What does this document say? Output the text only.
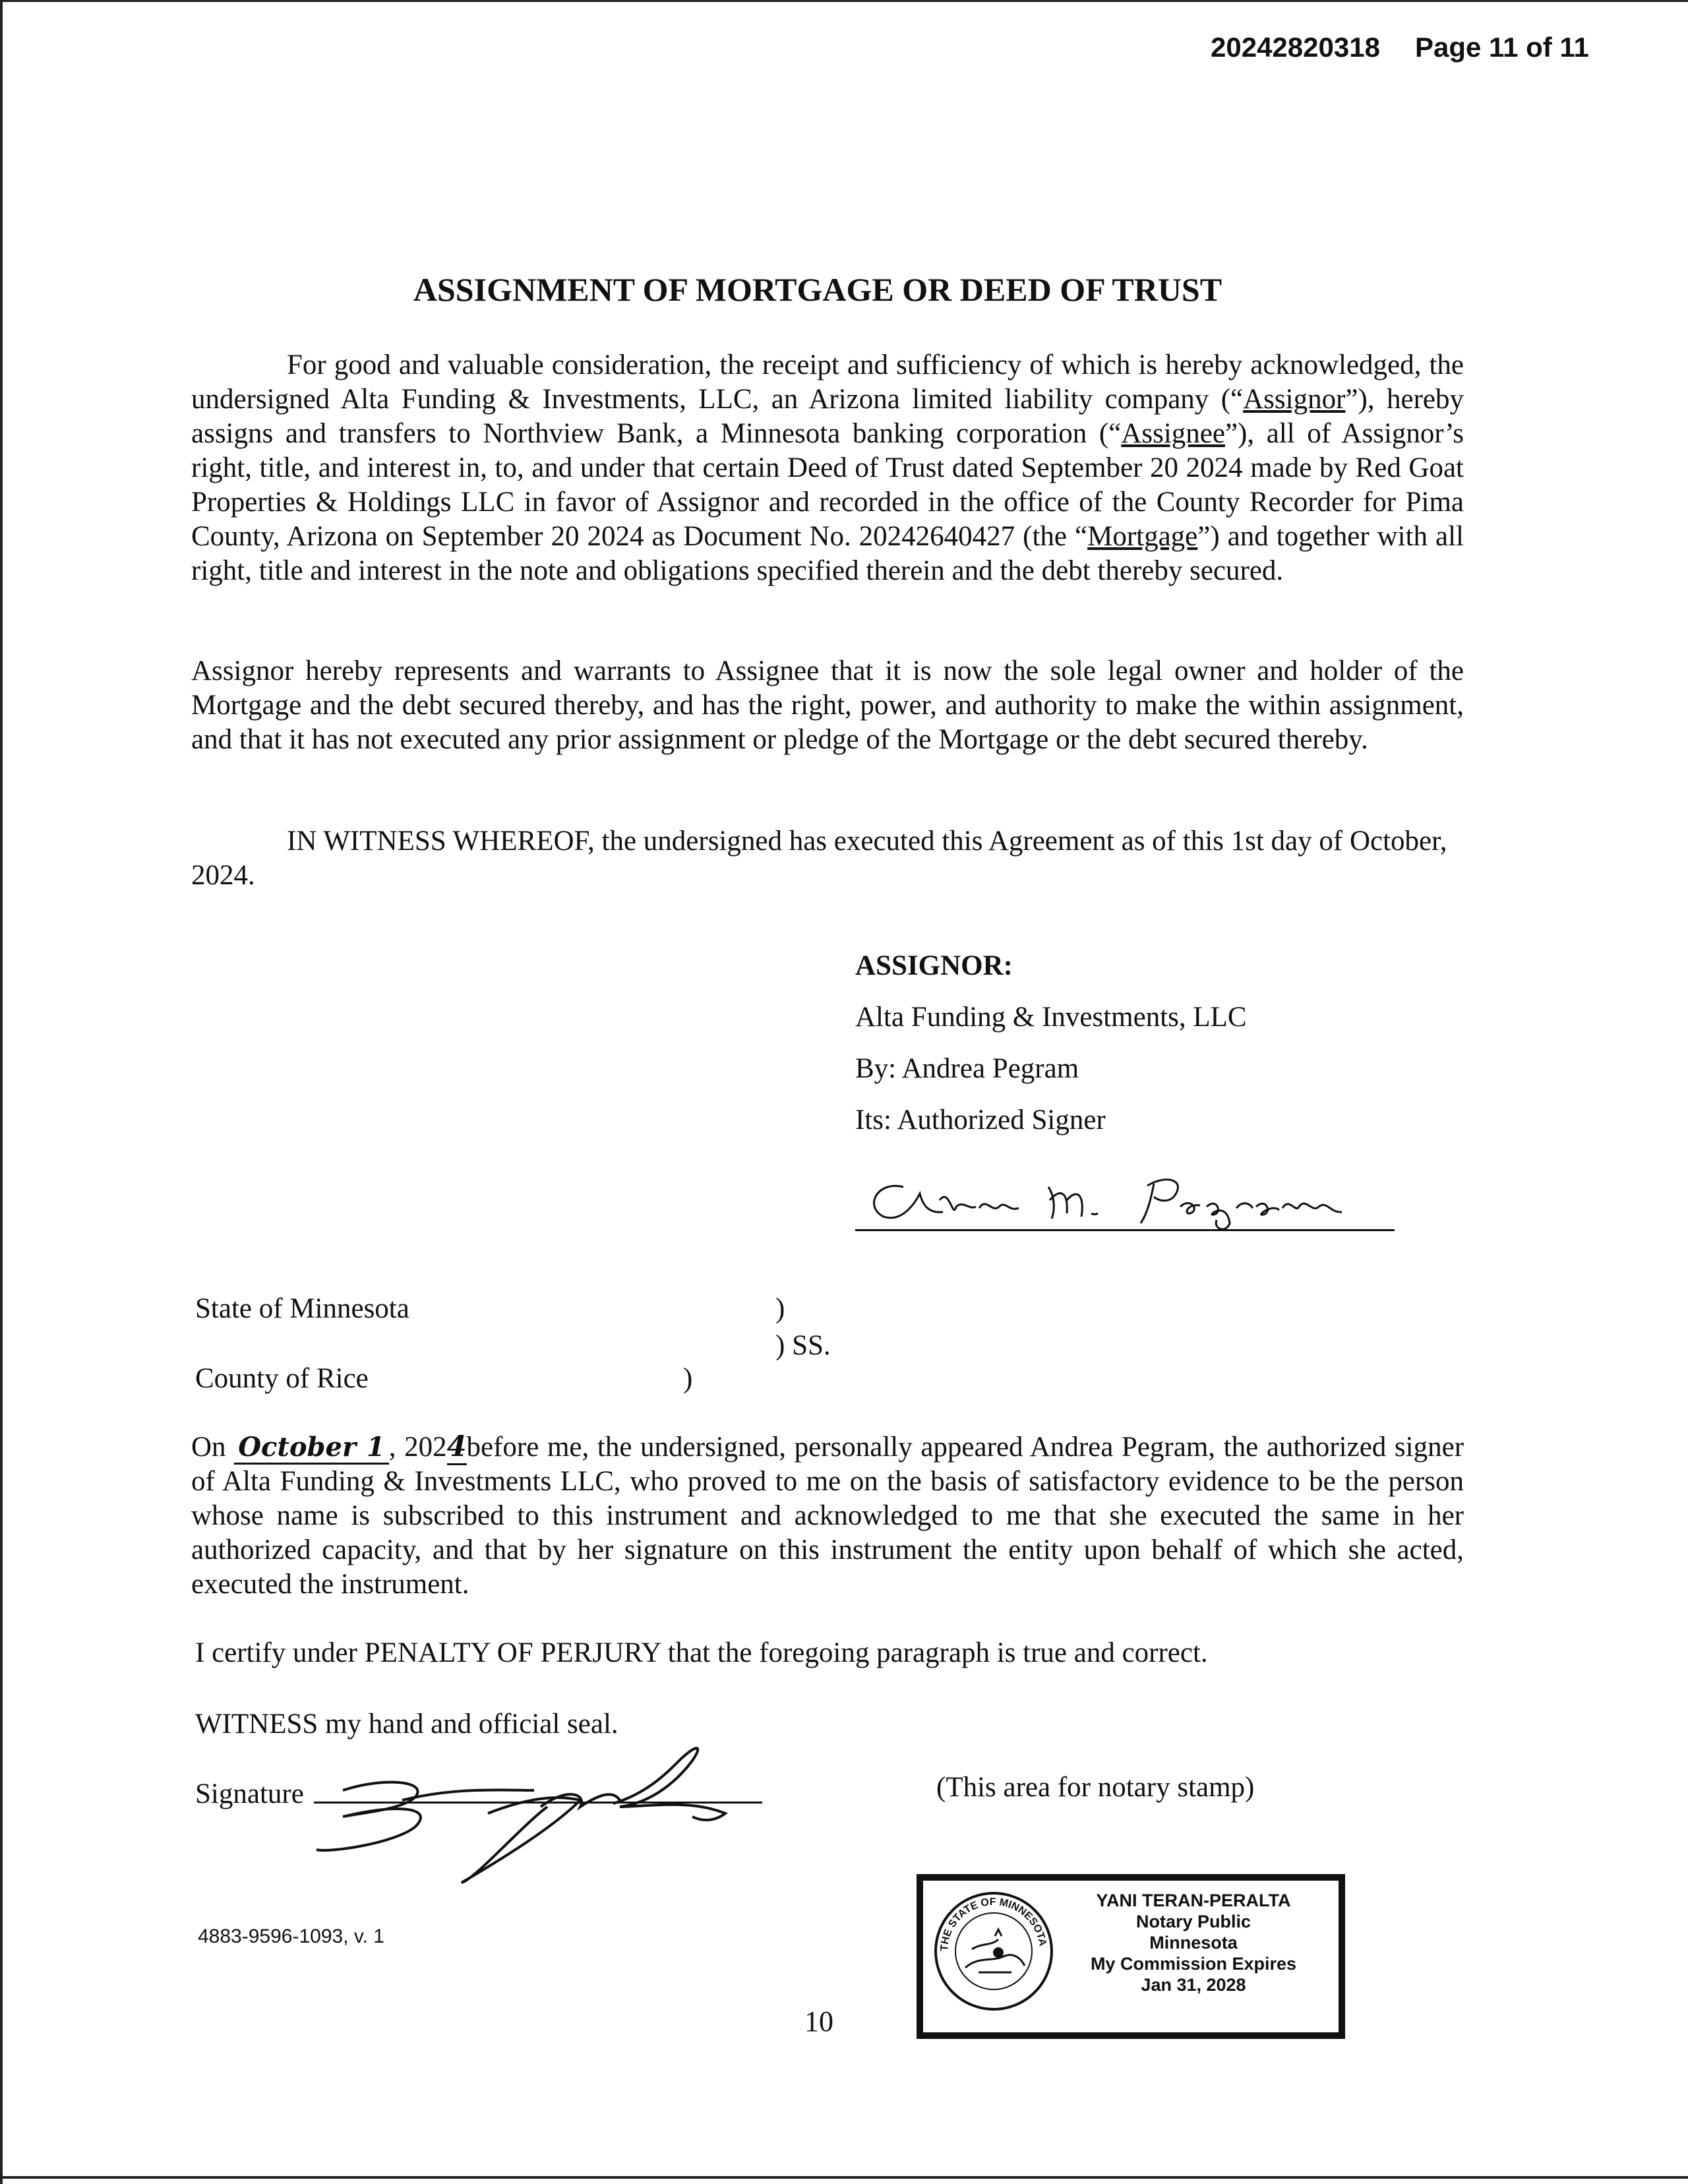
20242820318 Page 11 of 11
ASSIGNMENT OF MORTGAGE OR DEED OF TRUST
For good and valuable consideration, the receipt and sufficiency of which is hereby acknowledged, the undersigned Alta Funding & Investments, LLC, an Arizona limited liability company (“Assignor”), hereby assigns and transfers to Northview Bank, a Minnesota banking corporation (“Assignee”), all of Assignor’s right, title, and interest in, to, and under that certain Deed of Trust dated September 20 2024 made by Red Goat Properties & Holdings LLC in favor of Assignor and recorded in the office of the County Recorder for Pima County, Arizona on September 20 2024 as Document No. 20242640427 (the “Mortgage”) and together with all right, title and interest in the note and obligations specified therein and the debt thereby secured.
Assignor hereby represents and warrants to Assignee that it is now the sole legal owner and holder of the Mortgage and the debt secured thereby, and has the right, power, and authority to make the within assignment, and that it has not executed any prior assignment or pledge of the Mortgage or the debt secured thereby.
IN WITNESS WHEREOF, the undersigned has executed this Agreement as of this 1st day of October, 2024.
ASSIGNOR:
Alta Funding & Investments, LLC
By: Andrea Pegram
Its: Authorized Signer
State of Minnesota	)
) SS.
County of Rice	)
On October 1 , 2024before me, the undersigned, personally appeared Andrea Pegram, the authorized signer of Alta Funding & Investments LLC, who proved to me on the basis of satisfactory evidence to be the person whose name is subscribed to this instrument and acknowledged to me that she executed the same in her authorized capacity, and that by her signature on this instrument the entity upon behalf of which she acted, executed the instrument.
I certify under PENALTY OF PERJURY that the foregoing paragraph is true and correct.
WITNESS my hand and official seal.
Signature	(This area for notary stamp)
4883-9596-1093, v. 1
10
THE STATE OF MINNESOTA
YANI TERAN-PERALTA
Notary Public
Minnesota
My Commission Expires
Jan 31, 2028
